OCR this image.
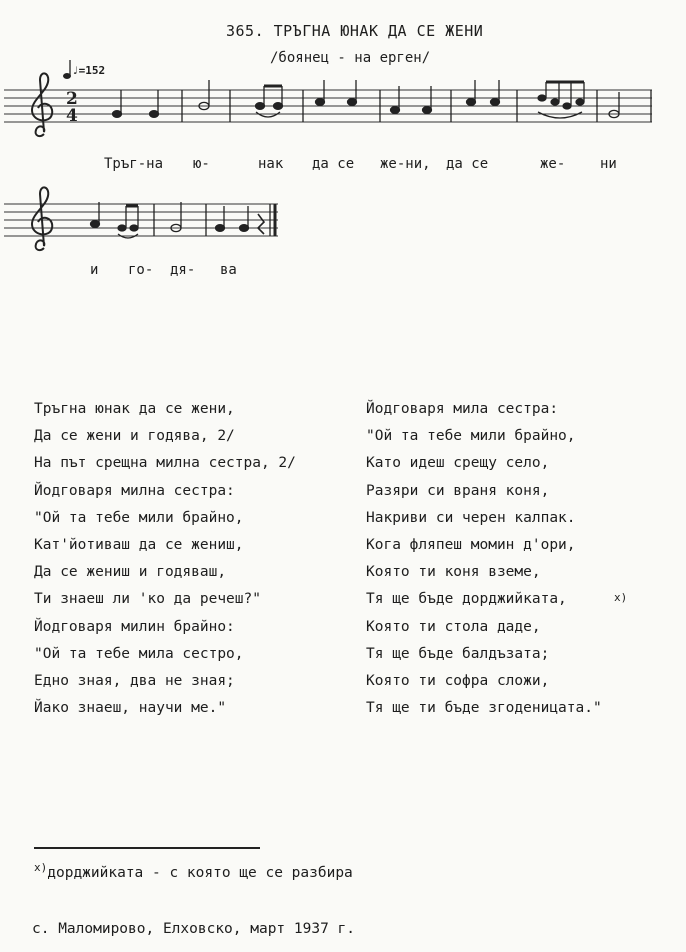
365. ТРЪГНА ЮНАК ДА СЕ ЖЕНИ
/боянец - на ерген/
♩=152
2
4
Тръг-на ю-	нак да се же-ни, да се	же- ни
и го- дя- ва
Тръгна юнак да се жени,
Да се жени и годява, 2/
На път срещна милна сестра, 2/
Йодговаря милна сестра:
"Ой та тебе мили брайно,
Кат'йотиваш да се жениш,
Да се жениш и годяваш,
Ти знаеш ли 'ко да речеш?"
Йодговаря милин брайно:
"Ой та тебе мила сестро,
Едно зная, два не зная;
Йако знаеш, научи ме."
Йодговаря мила сестра:
"Ой та тебе мили брайно,
Като идеш срещу село,
Разяри си враня коня,
Накриви си черен калпак.
Кога фляпеш момин д'ори,
Която ти коня вземе,
Тя ще бъде дорджийката,
Която ти стола даде,
Тя ще бъде балдъзата;
Която ти софра сложи,
Тя ще ти бъде згоденицата."
x)
$^{x)}$дорджийката - с която ще се разбира
с. Маломирово, Елховско, март 1937 г.
